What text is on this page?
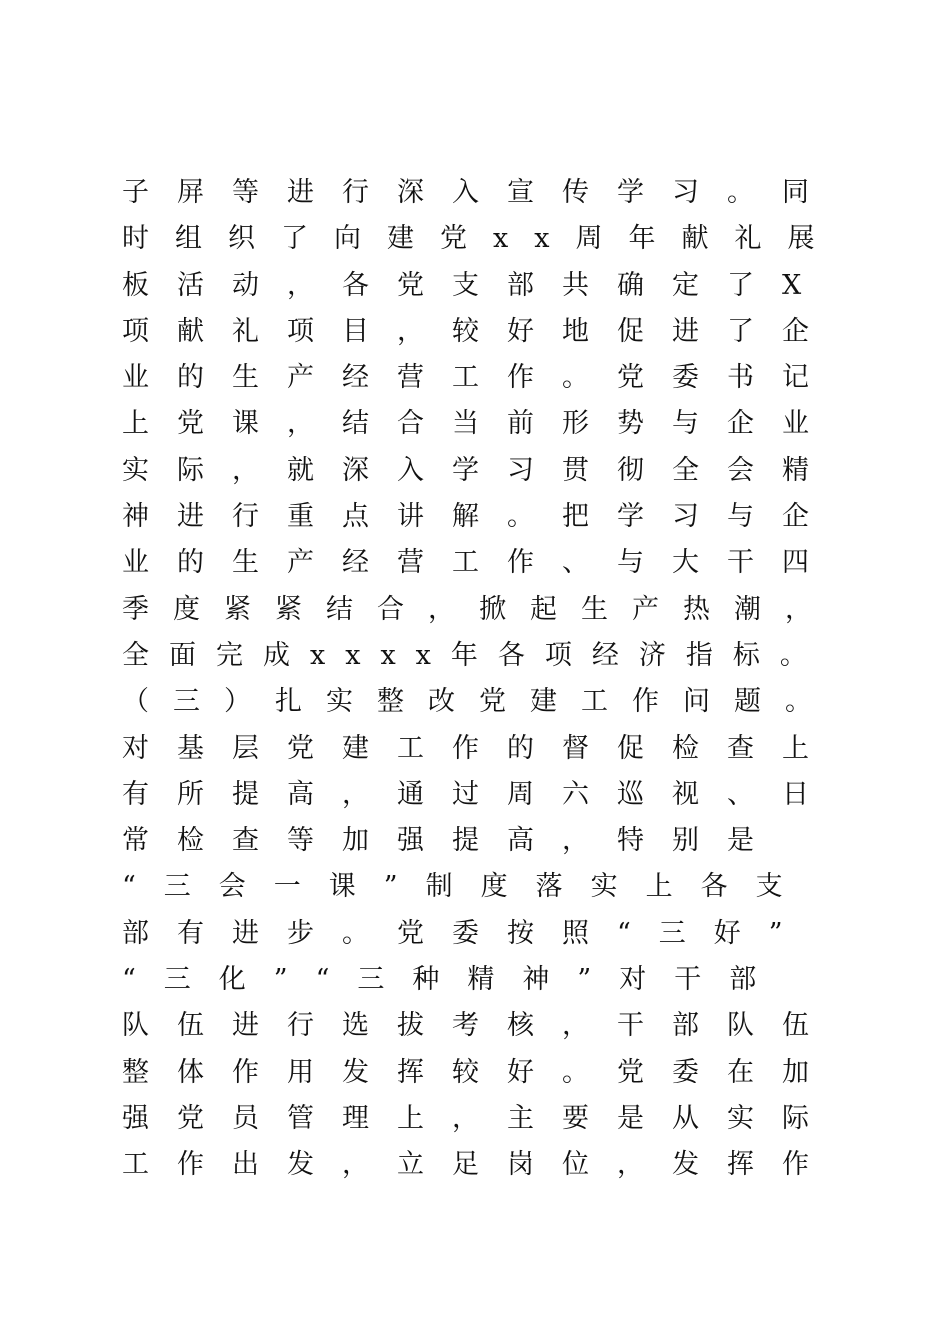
子屏等进行深入宣传学习。同
时组织了向建党xx周年献礼展
板活动，各党支部共确定了X
项献礼项目，较好地促进了企
业的生产经营工作。党委书记
上党课，结合当前形势与企业
实际，就深入学习贯彻全会精
神进行重点讲解。把学习与企
业的生产经营工作、与大干四
季度紧紧结合，掀起生产热潮，
全面完成xxxx年各项经济指标。
（三）扎实整改党建工作问题。
对基层党建工作的督促检查上
有所提高，通过周六巡视、日
常检查等加强提高，特别是
“三会一课”制度落实上各支
部有进步。党委按照“三好”
“三化”“三种精神”对干部
队伍进行选拔考核，干部队伍
整体作用发挥较好。党委在加
强党员管理上，主要是从实际
工作出发，立足岗位，发挥作
